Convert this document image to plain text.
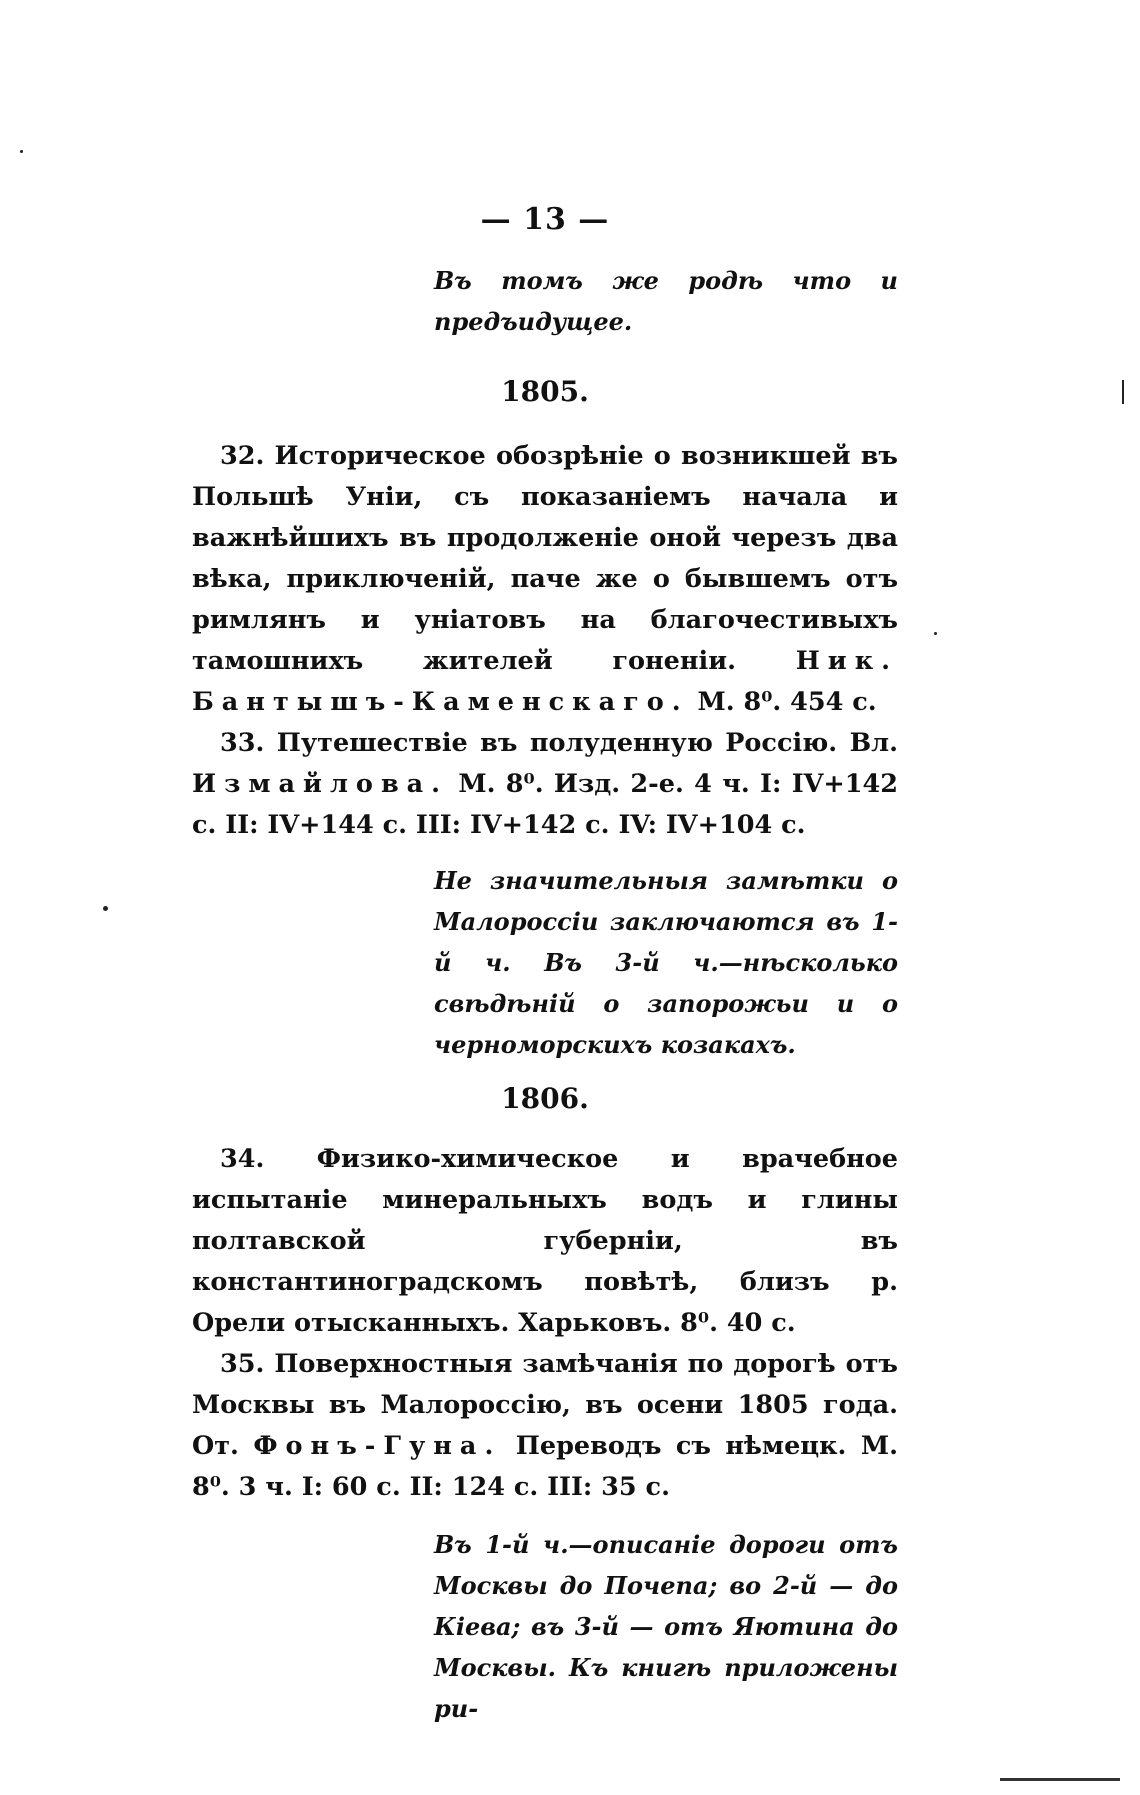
— 13 —
Въ томъ же родѣ что и предъидущее.
1805.

32. Историческое обозрѣніе о возникшей въ Польшѣ Уніи, съ показаніемъ начала и важнѣйшихъ въ продолженіе оной черезъ два вѣка, приключеній, паче же о бывшемъ отъ римлянъ и уніатовъ на благочестивыхъ тамошнихъ жителей гоненіи. Ник. Бантышъ-Каменскаго. М. 8⁰. 454 с.

33. Путешествіе въ полуденную Россію. Вл. Измайлова. М. 8⁰. Изд. 2-е. 4 ч. I: IV+142 с. II: IV+144 с. III: IV+142 с. IV: IV+104 с.

Не значительныя замѣтки о Малороссіи заключаются въ 1-й ч. Въ 3-й ч.—нѣсколько свѣдѣній о запорожьи и о черноморскихъ козакахъ.
1806.

34. Физико-химическое и врачебное испытаніе минеральныхъ водъ и глины полтавской губерніи, въ константиноградскомъ повѣтѣ, близъ р. Орели отысканныхъ. Харьковъ. 8⁰. 40 с.

35. Поверхностныя замѣчанія по дорогѣ отъ Москвы въ Малороссію, въ осени 1805 года. От. Фонъ-Гуна. Переводъ съ нѣмецк. М. 8⁰. 3 ч. I: 60 с. II: 124 с. III: 35 с.

Въ 1-й ч.—описаніе дороги отъ Москвы до Почепа; во 2-й — до Кіева; въ 3-й — отъ Яютина до Москвы. Къ книгѣ приложены ри-
